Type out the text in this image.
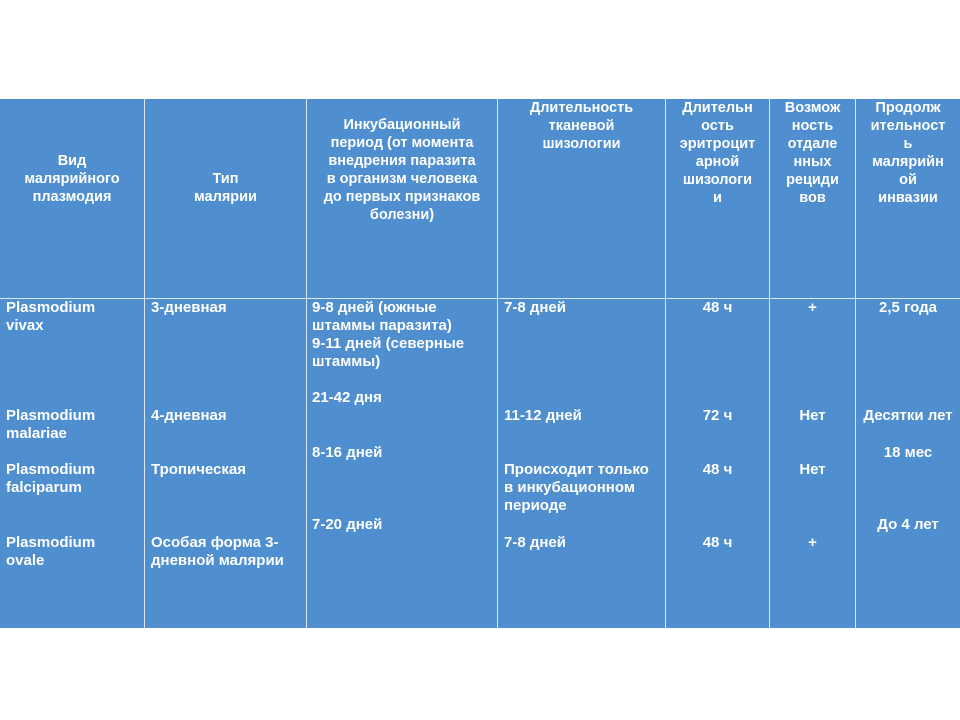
Вид
малярийного
плазмодия
Тип
малярии
Инкубационный
период (от момента
внедрения паразита
в организм человека
до первых признаков
болезни)
Длительность
тканевой
шизологии
Длительн
ость
эритроцит
арной
шизологи
и
Возмож
ность
отдале
нных
рециди
вов
Продолж
ительност
ь
малярийн
ой
инвазии
Plasmodium
vivax
Plasmodium
malariae
Plasmodium
falciparum
Plasmodium
ovale
3-дневная
4-дневная
Тропическая
Особая форма 3-
дневной малярии
9-8 дней (южные
штаммы паразита)
9-11 дней (северные
штаммы)
21-42 дня
8-16 дней
7-20 дней
7-8 дней
11-12 дней
Происходит только
в инкубационном
периоде
7-8 дней
48 ч
72 ч
48 ч
48 ч
+
Нет
Нет
+
2,5 года
Десятки лет
18 мес
До 4 лет
